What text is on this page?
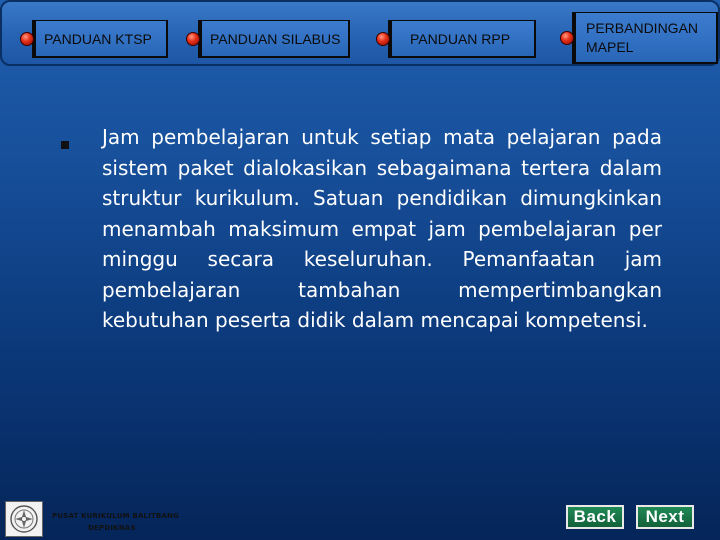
PANDUAN KTSP	PANDUAN SILABUS	PANDUAN RPP
PERBANDINGAN MAPEL

Jam pembelajaran untuk setiap mata pelajaran pada sistem paket dialokasikan sebagaimana tertera dalam struktur kurikulum. Satuan pendidikan dimungkinkan menambah maksimum empat jam pembelajaran per minggu secara keseluruhan. Pemanfaatan jam pembelajaran tambahan mempertimbangkan kebutuhan peserta didik dalam mencapai kompetensi.

PUSAT KURIKULUM BALITBANG
DEPDIKNAS
Back	Next
